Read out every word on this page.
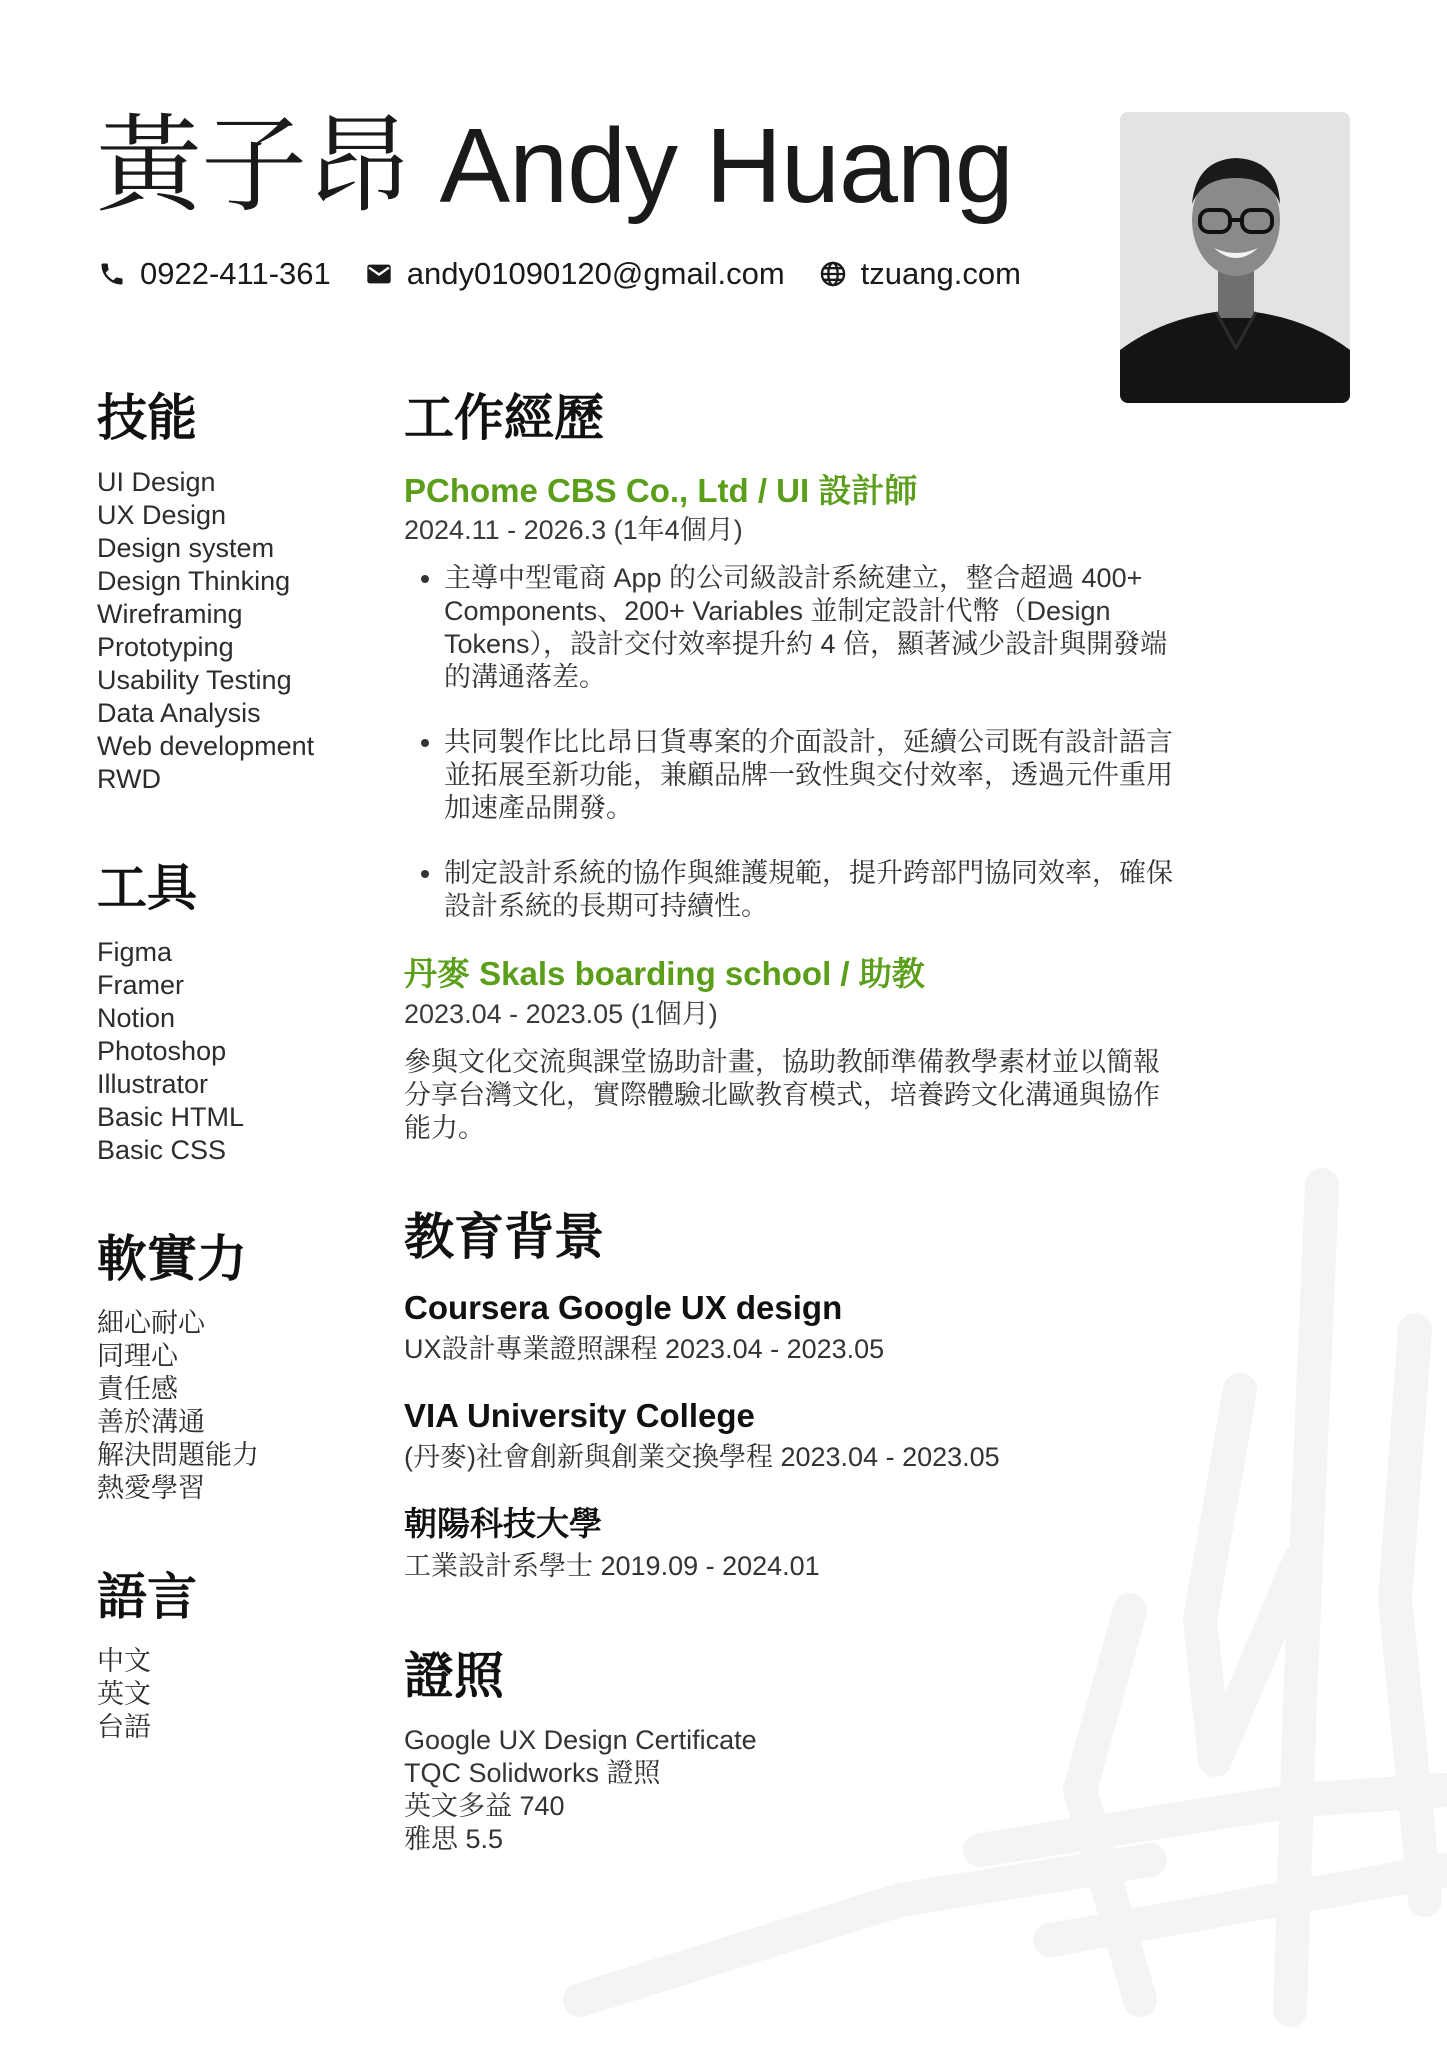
黃子昂 Andy Huang
0922-411-361 andy01090120@gmail.com tzuang.com
技能
UI Design
UX Design
Design system
Design Thinking
Wireframing
Prototyping
Usability Testing
Data Analysis
Web development
RWD
工具
Figma
Framer
Notion
Photoshop
Illustrator
Basic HTML
Basic CSS
軟實力
細心耐心
同理心
責任感
善於溝通
解決問題能力
熱愛學習
語言
中文
英文
台語
工作經歷
PChome CBS Co., Ltd / UI 設計師
2024.11 - 2026.3 (1年4個月)
• 主導中型電商 App 的公司級設計系統建立，整合超過 400+ Components、200+ Variables 並制定設計代幣（Design Tokens），設計交付效率提升約 4 倍，顯著減少設計與開發端的溝通落差。
• 共同製作比比昂日貨專案的介面設計，延續公司既有設計語言並拓展至新功能，兼顧品牌一致性與交付效率，透過元件重用加速產品開發。
• 制定設計系統的協作與維護規範，提升跨部門協同效率，確保設計系統的長期可持續性。
丹麥 Skals boarding school / 助教
2023.04 - 2023.05 (1個月)

參與文化交流與課堂協助計畫，協助教師準備教學素材並以簡報分享台灣文化，實際體驗北歐教育模式，培養跨文化溝通與協作能力。

教育背景
Coursera Google UX design
UX設計專業證照課程 2023.04 - 2023.05
VIA University College
(丹麥)社會創新與創業交換學程 2023.04 - 2023.05
朝陽科技大學
工業設計系學士 2019.09 - 2024.01
證照
Google UX Design Certificate
TQC Solidworks 證照
英文多益 740
雅思 5.5
